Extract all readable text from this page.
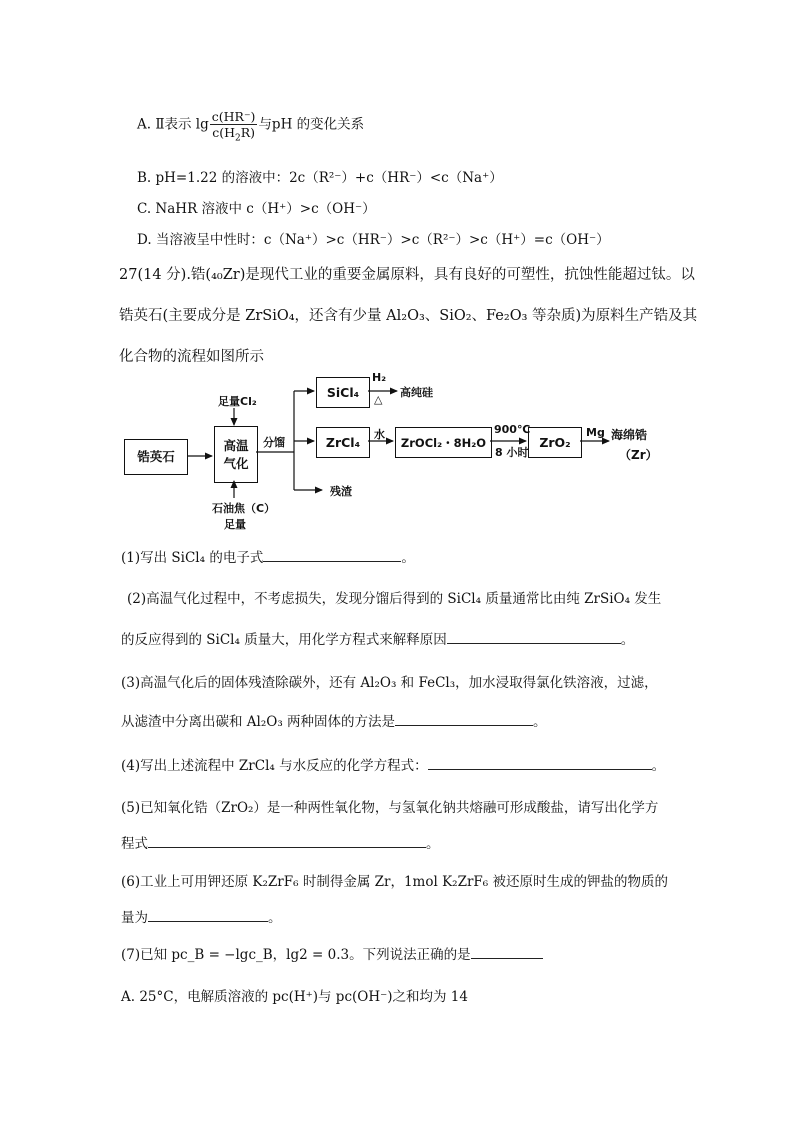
A. Ⅱ表示 $\lg \frac{c(HR^-)}{c(H_2R)}$ 与pH 的变化关系
B. pH=1.22 的溶液中：2c（R²⁻）+c（HR⁻）<c（Na⁺）
C. NaHR 溶液中 c（H⁺）>c（OH⁻）
D. 当溶液呈中性时：c（Na⁺）>c（HR⁻）>c（R²⁻）>c（H⁺）=c（OH⁻）
27(14 分).锆(₄₀Zr)是现代工业的重要金属原料，具有良好的可塑性，抗蚀性能超过钛。以
锆英石(主要成分是 ZrSiO₄，还含有少量 Al₂O₃、SiO₂、Fe₂O₃ 等杂质)为原料生产锆及其
化合物的流程如图所示
锆英石
高温
气化
SiCl₄
ZrCl₄	ZrOCl₂・8H₂O	ZrO₂
足量Cl₂
石油焦（C）
足量
分馏
H₂
△
高纯硅
水	900℃
8 小时
Mg 海绵锆
（Zr）
残渣
(1)写出 SiCl₄ 的电子式	。
(2)高温气化过程中，不考虑损失，发现分馏后得到的 SiCl₄ 质量通常比由纯 ZrSiO₄ 发生
的反应得到的 SiCl₄ 质量大，用化学方程式来解释原因	。
(3)高温气化后的固体残渣除碳外，还有 Al₂O₃ 和 FeCl₃，加水浸取得氯化铁溶液，过滤，
从滤渣中分离出碳和 Al₂O₃ 两种固体的方法是	。
(4)写出上述流程中 ZrCl₄ 与水反应的化学方程式：	。
(5)已知氧化锆（ZrO₂）是一种两性氧化物，与氢氧化钠共熔融可形成酸盐，请写出化学方
程式	。
(6)工业上可用钾还原 K₂ZrF₆ 时制得金属 Zr，1mol K₂ZrF₆ 被还原时生成的钾盐的物质的
量为	。
(7)已知 pc_B = −lgc_B，lg2 = 0.3。下列说法正确的是
A. 25°C，电解质溶液的 pc(H⁺)与 pc(OH⁻)之和均为 14
